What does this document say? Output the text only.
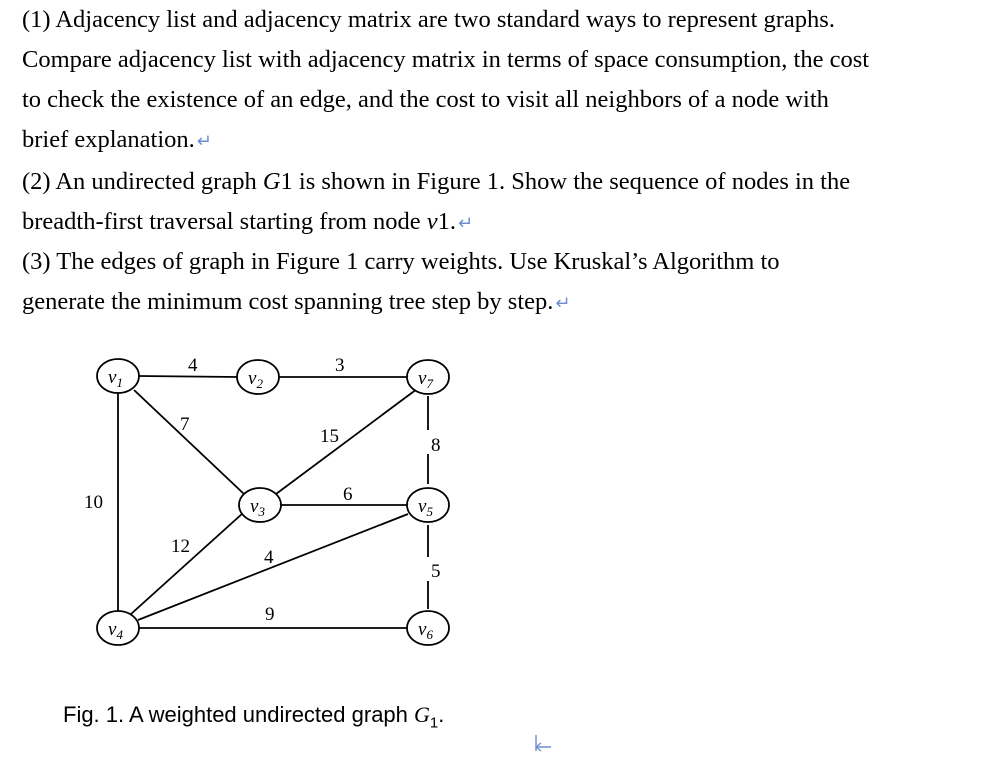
(1) Adjacency list and adjacency matrix are two standard ways to represent graphs.
Compare adjacency list with adjacency matrix in terms of space consumption, the cost
to check the existence of an edge, and the cost to visit all neighbors of a node with
brief explanation. ↵
(2) An undirected graph G1 is shown in Figure 1. Show the sequence of nodes in the
breadth-first traversal starting from node v1. ↵
(3) The edges of graph in Figure 1 carry weights. Use Kruskal’s Algorithm to
generate the minimum cost spanning tree step by step. ↵
$v_1$	$v_2$	$v_7$
$v_3$	$v_5$
$v_4$	$v_6$
4	3
7
15	8
10	6
12
4
5
9
Fig. 1. A weighted undirected graph $G_1$.
